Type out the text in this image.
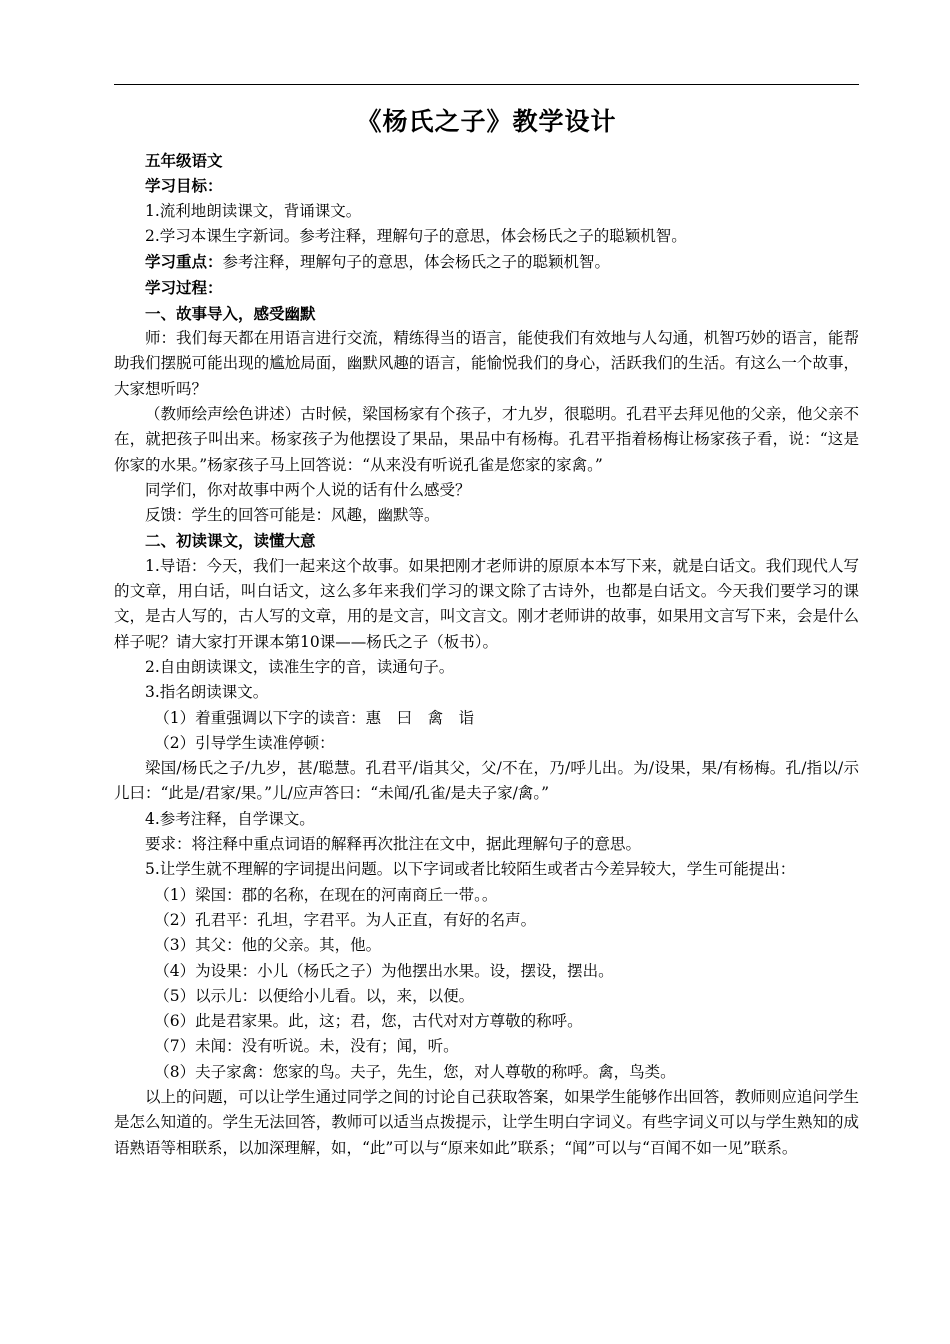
《杨氏之子》教学设计
五年级语文
学习目标：
1.流利地朗读课文，背诵课文。
2.学习本课生字新词。参考注释，理解句子的意思，体会杨氏之子的聪颖机智。
学习重点：参考注释，理解句子的意思，体会杨氏之子的聪颖机智。
学习过程：
一、故事导入，感受幽默

师：我们每天都在用语言进行交流，精练得当的语言，能使我们有效地与人勾通，机智巧妙的语言，能帮助我们摆脱可能出现的尴尬局面，幽默风趣的语言，能愉悦我们的身心，活跃我们的生活。有这么一个故事，大家想听吗？

（教师绘声绘色讲述）古时候，梁国杨家有个孩子，才九岁，很聪明。孔君平去拜见他的父亲，他父亲不在，就把孩子叫出来。杨家孩子为他摆设了果品，果品中有杨梅。孔君平指着杨梅让杨家孩子看，说：“这是你家的水果。”杨家孩子马上回答说：“从来没有听说孔雀是您家的家禽。”

同学们，你对故事中两个人说的话有什么感受？

反馈：学生的回答可能是：风趣，幽默等。

二、初读课文，读懂大意

1.导语：今天，我们一起来这个故事。如果把刚才老师讲的原原本本写下来，就是白话文。我们现代人写的文章，用白话，叫白话文，这么多年来我们学习的课文除了古诗外，也都是白话文。今天我们要学习的课文，是古人写的，古人写的文章，用的是文言，叫文言文。刚才老师讲的故事，如果用文言写下来，会是什么样子呢？请大家打开课本第10课——杨氏之子（板书）。

2.自由朗读课文，读准生字的音，读通句子。

3.指名朗读课文。

（1）着重强调以下字的读音：惠　曰　禽　诣
（2）引导学生读准停顿：

梁国/杨氏之子/九岁，甚/聪慧。孔君平/诣其父，父/不在，乃/呼儿出。为/设果，果/有杨梅。孔/指以/示儿曰：“此是/君家/果。”儿/应声答曰：“未闻/孔雀/是夫子家/禽。”

4.参考注释，自学课文。

要求：将注释中重点词语的解释再次批注在文中，据此理解句子的意思。

5.让学生就不理解的字词提出问题。以下字词或者比较陌生或者古今差异较大，学生可能提出：

（1）梁国：郡的名称，在现在的河南商丘一带。。
（2）孔君平：孔坦，字君平。为人正直，有好的名声。
（3）其父：他的父亲。其，他。
（4）为设果：小儿（杨氏之子）为他摆出水果。设，摆设，摆出。
（5）以示儿：以便给小儿看。以，来，以便。
（6）此是君家果。此，这；君，您，古代对对方尊敬的称呼。
（7）未闻：没有听说。未，没有；闻，听。
（8）夫子家禽：您家的鸟。夫子，先生，您，对人尊敬的称呼。禽，鸟类。

以上的问题，可以让学生通过同学之间的讨论自己获取答案，如果学生能够作出回答，教师则应追问学生是怎么知道的。学生无法回答，教师可以适当点拨提示，让学生明白字词义。有些字词义可以与学生熟知的成语熟语等相联系，以加深理解，如，“此”可以与“原来如此”联系；“闻”可以与“百闻不如一见”联系。
